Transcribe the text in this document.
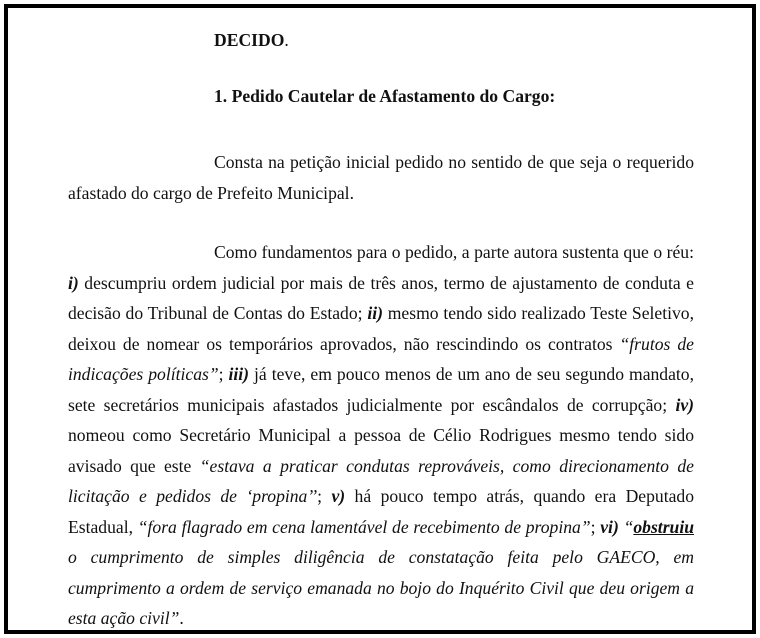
DECIDO.
1. Pedido Cautelar de Afastamento do Cargo:

Consta na petição inicial pedido no sentido de que seja o requerido afastado do cargo de Prefeito Municipal.

Como fundamentos para o pedido, a parte autora sustenta que o réu: i) descumpriu ordem judicial por mais de três anos, termo de ajustamento de conduta e decisão do Tribunal de Contas do Estado; ii) mesmo tendo sido realizado Teste Seletivo, deixou de nomear os temporários aprovados, não rescindindo os contratos “frutos de indicações políticas”; iii) já teve, em pouco menos de um ano de seu segundo mandato, sete secretários municipais afastados judicialmente por escândalos de corrupção; iv) nomeou como Secretário Municipal a pessoa de Célio Rodrigues mesmo tendo sido avisado que este “estava a praticar condutas reprováveis, como direcionamento de licitação e pedidos de ‘propina’’; v) há pouco tempo atrás, quando era Deputado Estadual, “fora flagrado em cena lamentável de recebimento de propina”; vi) “obstruiu o cumprimento de simples diligência de constatação feita pelo GAECO, em cumprimento a ordem de serviço emanada no bojo do Inquérito Civil que deu origem a esta ação civil”.
